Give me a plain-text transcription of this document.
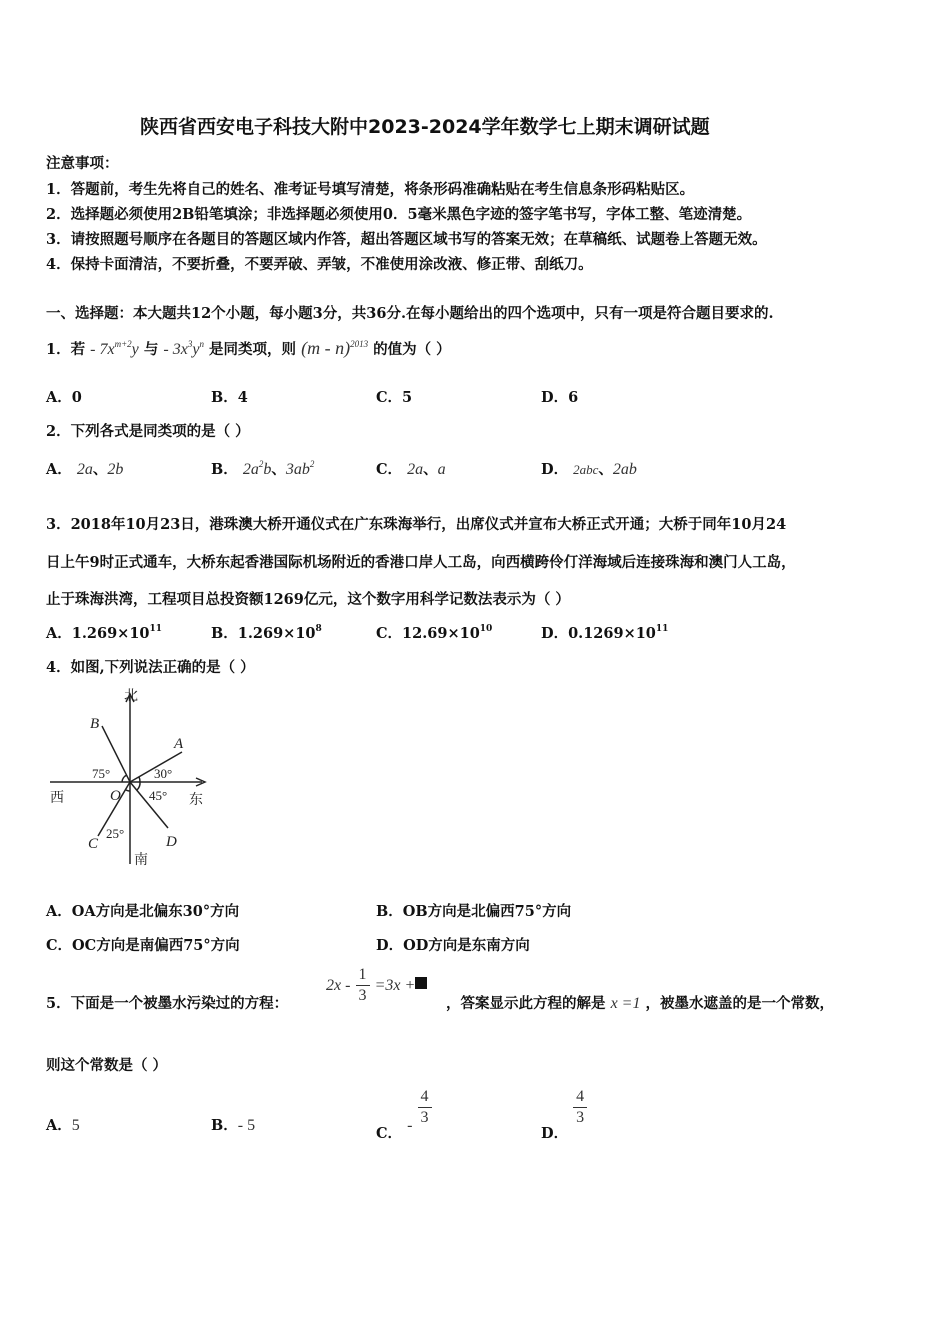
陕西省西安电子科技大附中2023-2024学年数学七上期末调研试题
注意事项：
1．答题前，考生先将自己的姓名、准考证号填写清楚，将条形码准确粘贴在考生信息条形码粘贴区。
2．选择题必须使用2B铅笔填涂；非选择题必须使用0．5毫米黑色字迹的签字笔书写，字体工整、笔迹清楚。
3．请按照题号顺序在各题目的答题区域内作答，超出答题区域书写的答案无效；在草稿纸、试题卷上答题无效。
4．保持卡面清洁，不要折叠，不要弄破、弄皱，不准使用涂改液、修正带、刮纸刀。
一、选择题：本大题共12个小题，每小题3分，共36分.在每小题给出的四个选项中，只有一项是符合题目要求的.
1．若 - $7x^{m+2}y$ 与 - $3x^3y^n$ 是同类项，则 (m - n)$^{2013}$ 的值为（ ）
A．0	B．4	C．5	D．6
2．下列各式是同类项的是（ ）
A． 2a、2b	B． $2a^2b$、$3ab^2$	C． 2a、a	D． 2abc、2ab
3．2018年10月23日，港珠澳大桥开通仪式在广东珠海举行，出席仪式并宣布大桥正式开通；大桥于同年10月24
日上午9时正式通车，大桥东起香港国际机场附近的香港口岸人工岛，向西横跨伶仃洋海域后连接珠海和澳门人工岛，
止于珠海洪湾，工程项目总投资额1269亿元，这个数字用科学记数法表示为（ ）
A．$1.269\times 10^{11}$	B．$1.269\times 10^8$	C．$12.69\times 10^{10}$	D．$0.1269\times 10^{11}$
4．如图,下列说法正确的是（ ）
北
南
东
西
A
B
C	D
O
75°	30°
45°
25°
A．OA方向是北偏东30°方向	B．OB方向是北偏西75°方向
C．OC方向是南偏西75°方向	D．OD方向是东南方向
5．下面是一个被墨水污染过的方程：
$2x - \frac{1}{3} =3x$ +
，答案显示此方程的解是 x =1 ，被墨水遮盖的是一个常数，
则这个常数是（ ）
A．5	B．- 5	C． - $\frac{4}{3}$
D．
$\frac{4}{3}$
